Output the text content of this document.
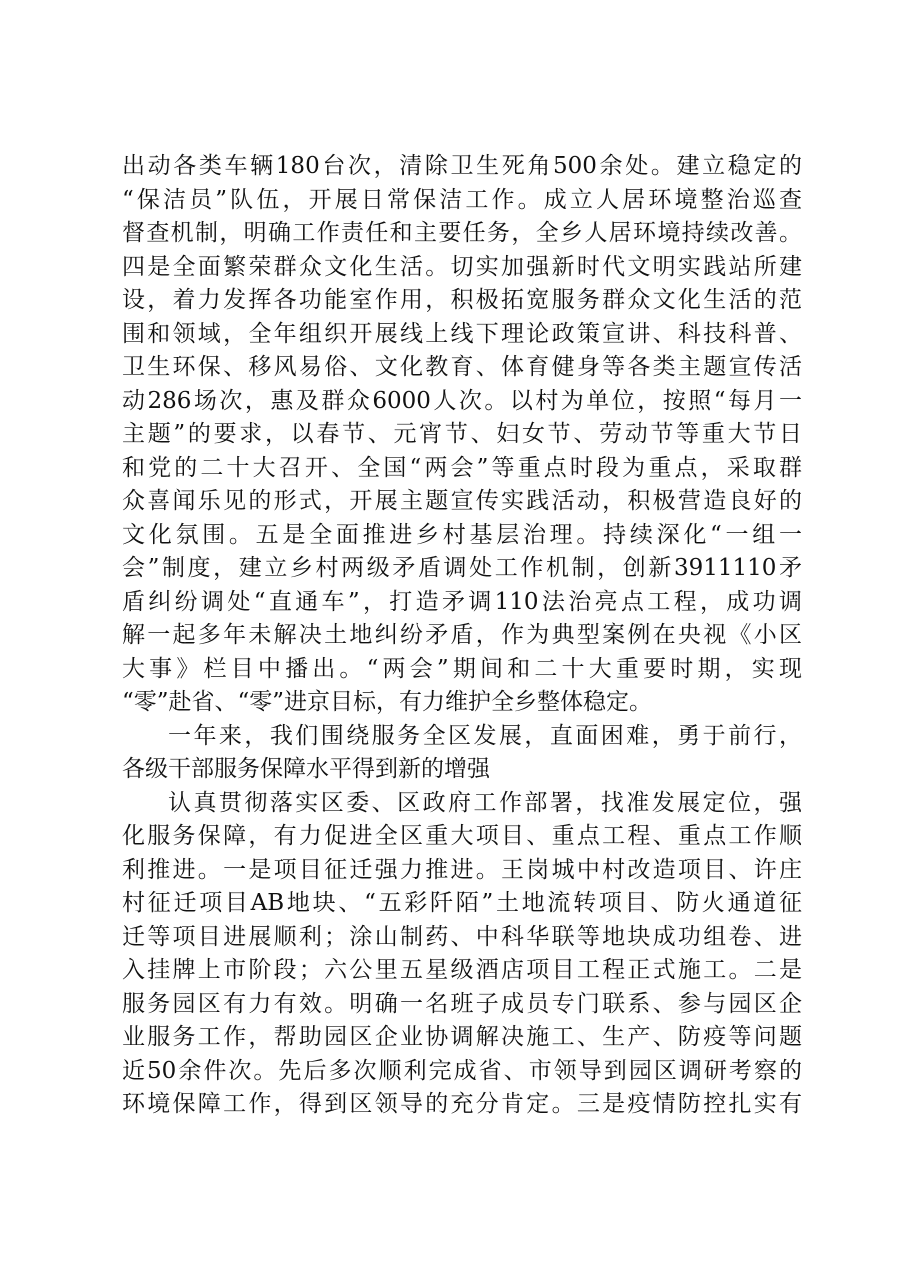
出动各类车辆180台次，清除卫生死角500余处。建立稳定的
“保洁员”队伍，开展日常保洁工作。成立人居环境整治巡查
督查机制，明确工作责任和主要任务，全乡人居环境持续改善。
四是全面繁荣群众文化生活。切实加强新时代文明实践站所建
设，着力发挥各功能室作用，积极拓宽服务群众文化生活的范
围和领域，全年组织开展线上线下理论政策宣讲、科技科普、
卫生环保、移风易俗、文化教育、体育健身等各类主题宣传活
动286场次，惠及群众6000人次。以村为单位，按照“每月一
主题”的要求，以春节、元宵节、妇女节、劳动节等重大节日
和党的二十大召开、全国“两会”等重点时段为重点，采取群
众喜闻乐见的形式，开展主题宣传实践活动，积极营造良好的
文化氛围。五是全面推进乡村基层治理。持续深化“一组一
会”制度，建立乡村两级矛盾调处工作机制，创新3911110矛
盾纠纷调处“直通车”，打造矛调110法治亮点工程，成功调
解一起多年未解决土地纠纷矛盾，作为典型案例在央视《小区
大事》栏目中播出。“两会”期间和二十大重要时期，实现
“零”赴省、“零”进京目标，有力维护全乡整体稳定。
一年来，我们围绕服务全区发展，直面困难，勇于前行，
各级干部服务保障水平得到新的增强
认真贯彻落实区委、区政府工作部署，找准发展定位，强
化服务保障，有力促进全区重大项目、重点工程、重点工作顺
利推进。一是项目征迁强力推进。王岗城中村改造项目、许庄
村征迁项目AB地块、“五彩阡陌”土地流转项目、防火通道征
迁等项目进展顺利；涂山制药、中科华联等地块成功组卷、进
入挂牌上市阶段；六公里五星级酒店项目工程正式施工。二是
服务园区有力有效。明确一名班子成员专门联系、参与园区企
业服务工作，帮助园区企业协调解决施工、生产、防疫等问题
近50余件次。先后多次顺利完成省、市领导到园区调研考察的
环境保障工作，得到区领导的充分肯定。三是疫情防控扎实有
